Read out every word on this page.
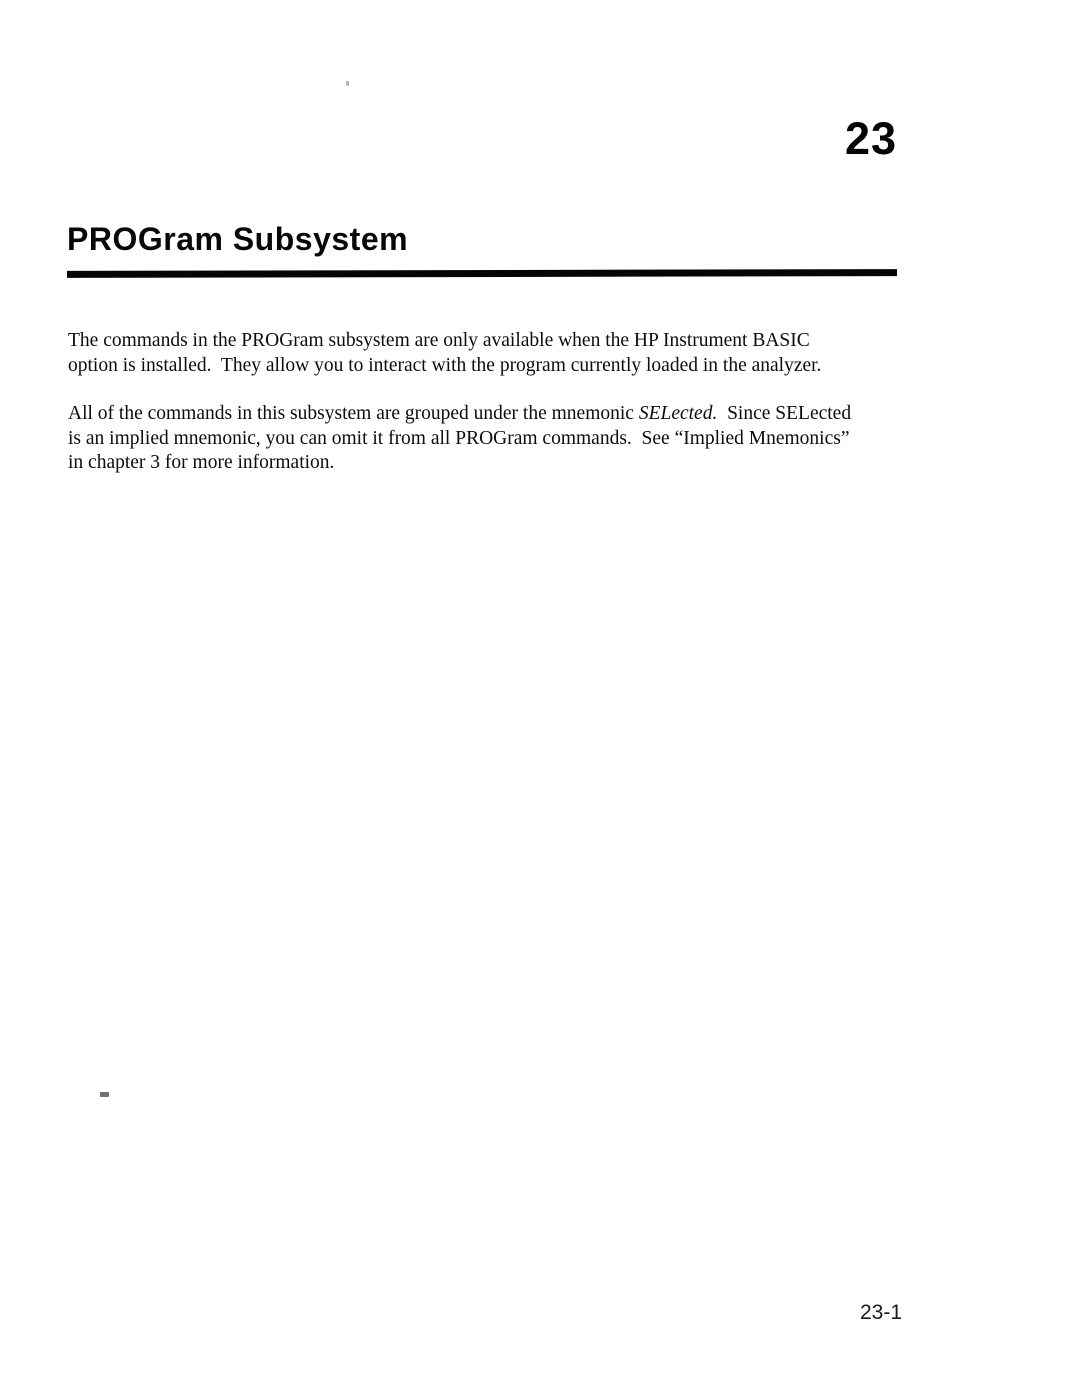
23
PROGram Subsystem
The commands in the PROGram subsystem are only available when the HP Instrument BASIC
option is installed.  They allow you to interact with the program currently loaded in the analyzer.
All of the commands in this subsystem are grouped under the mnemonic SELected.  Since SELected
is an implied mnemonic, you can omit it from all PROGram commands.  See “Implied Mnemonics”
in chapter 3 for more information.
23-1
